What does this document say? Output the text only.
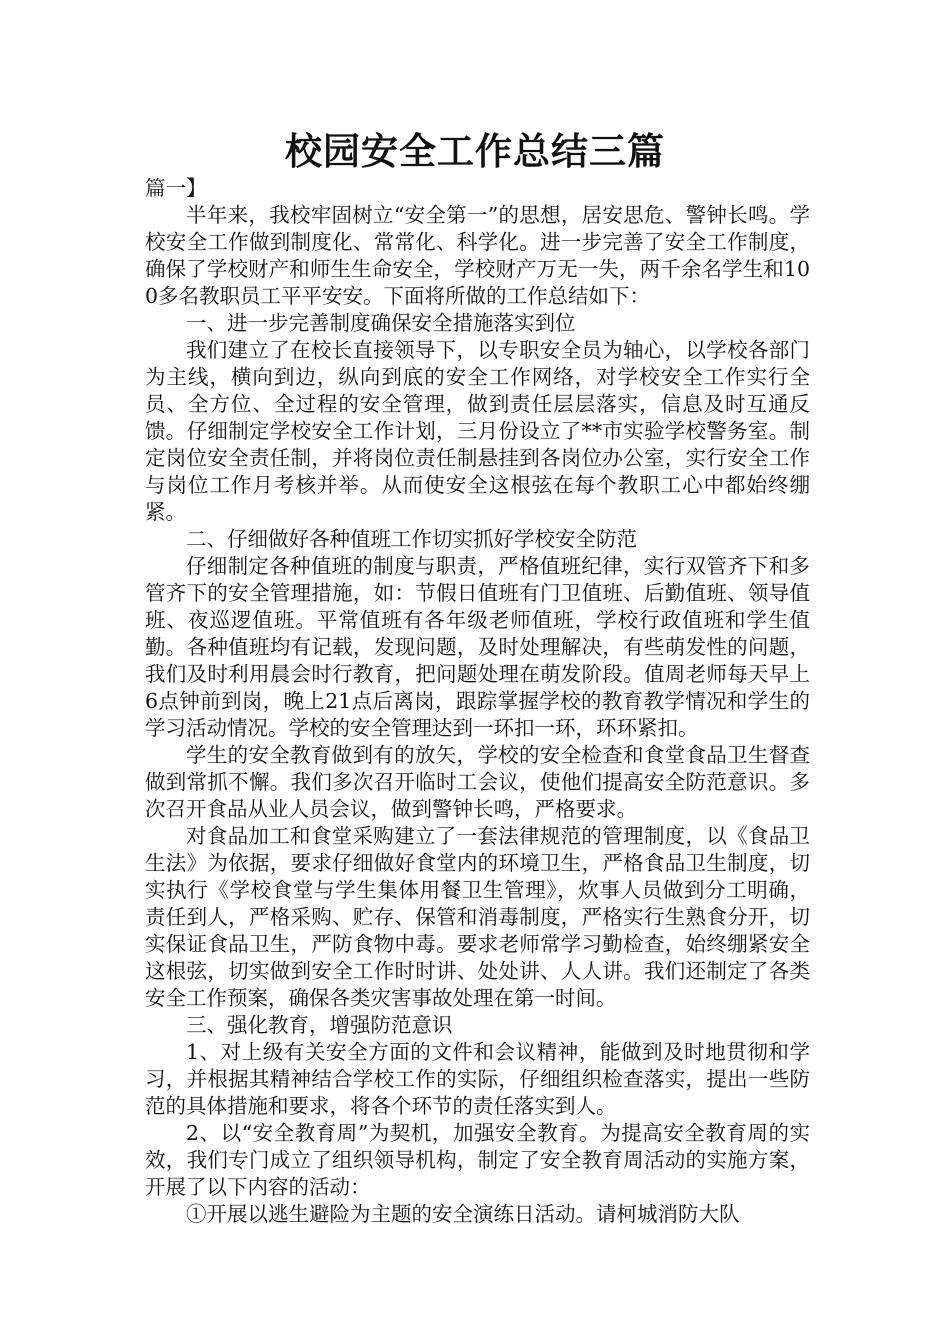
校园安全工作总结三篇

篇一】

半年来，我校牢固树立“安全第一”的思想，居安思危、警钟长鸣。学校安全工作做到制度化、常常化、科学化。进一步完善了安全工作制度，确保了学校财产和师生生命安全，学校财产万无一失，两千余名学生和100多名教职员工平平安安。下面将所做的工作总结如下：

一、进一步完善制度确保安全措施落实到位

我们建立了在校长直接领导下，以专职安全员为轴心，以学校各部门为主线，横向到边，纵向到底的安全工作网络，对学校安全工作实行全员、全方位、全过程的安全管理，做到责任层层落实，信息及时互通反馈。仔细制定学校安全工作计划，三月份设立了**市实验学校警务室。制定岗位安全责任制，并将岗位责任制悬挂到各岗位办公室，实行安全工作与岗位工作月考核并举。从而使安全这根弦在每个教职工心中都始终绷紧。

二、仔细做好各种值班工作切实抓好学校安全防范

仔细制定各种值班的制度与职责，严格值班纪律，实行双管齐下和多管齐下的安全管理措施，如：节假日值班有门卫值班、后勤值班、领导值班、夜巡逻值班。平常值班有各年级老师值班，学校行政值班和学生值勤。各种值班均有记载，发现问题，及时处理解决，有些萌发性的问题，我们及时利用晨会时行教育，把问题处理在萌发阶段。值周老师每天早上6点钟前到岗，晚上21点后离岗，跟踪掌握学校的教育教学情况和学生的学习活动情况。学校的安全管理达到一环扣一环，环环紧扣。

学生的安全教育做到有的放矢，学校的安全检查和食堂食品卫生督查做到常抓不懈。我们多次召开临时工会议，使他们提高安全防范意识。多次召开食品从业人员会议，做到警钟长鸣，严格要求。

对食品加工和食堂采购建立了一套法律规范的管理制度，以《食品卫生法》为依据，要求仔细做好食堂内的环境卫生，严格食品卫生制度，切实执行《学校食堂与学生集体用餐卫生管理》，炊事人员做到分工明确，责任到人，严格采购、贮存、保管和消毒制度，严格实行生熟食分开，切实保证食品卫生，严防食物中毒。要求老师常学习勤检查，始终绷紧安全这根弦，切实做到安全工作时时讲、处处讲、人人讲。我们还制定了各类安全工作预案，确保各类灾害事故处理在第一时间。

三、强化教育，增强防范意识

1、对上级有关安全方面的文件和会议精神，能做到及时地贯彻和学习，并根据其精神结合学校工作的实际，仔细组织检查落实，提出一些防范的具体措施和要求，将各个环节的责任落实到人。

2、以“安全教育周”为契机，加强安全教育。为提高安全教育周的实效，我们专门成立了组织领导机构，制定了安全教育周活动的实施方案，开展了以下内容的活动：

①开展以逃生避险为主题的安全演练日活动。请柯城消防大队
